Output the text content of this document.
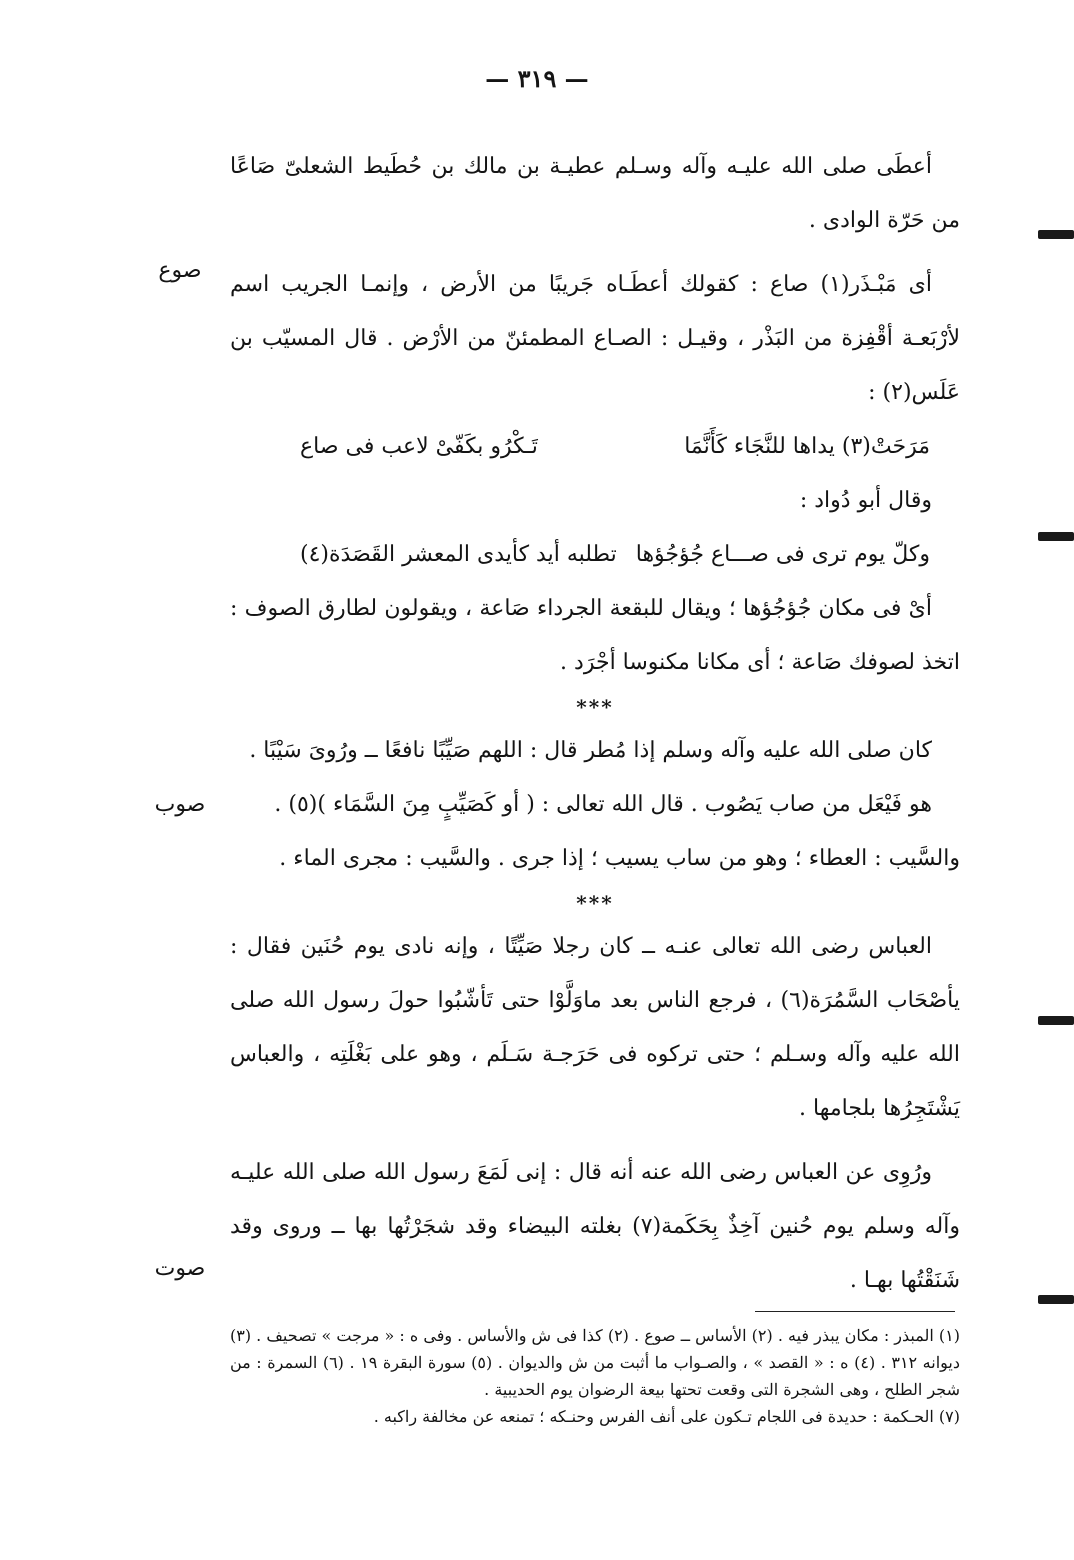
— ٣١٩ —

أعطَى صلى الله عليـه وآله وسـلم عطيـة بن مالك بن حُطَيط الشعلىّ صَاعًا من حَرّة الوادى .

أى مَبْـذَر(١) صاع : كقولك أعطَـاه جَريبًا من الأرض ، وإنمـا الجريب اسم لأرْبَعـة أقْفِزة من البَذْر ، وقيـل : الصـاع المطمئنّ من الأرْض . قال المسيّب بن عَلَس(٢) :

مَرَحَتْ(٣) يداها للنَّجَاء كَأَنَّمَا
تَـكْرُو بكَفّىْ لاعب فى صاع

وقال أبو دُواد :

وكلّ يوم ترى فى صـــاع جُؤجُؤها
تطلبه أيد كأيدى المعشر القَصَدَة(٤)

أىْ فى مكان جُؤجُؤها ؛ ويقال للبقعة الجرداء صَاعة ، ويقولون لطارق الصوف : اتخذ لصوفك صَاعة ؛ أى مكانا مكنوسا أجْرَد .

***

كان صلى الله عليه وآله وسلم إذا مُطر قال : اللهم صَيِّبًا نافعًا ــ ورُوىَ سَيْبًا .

هو فَيْعَل من صاب يَصُوب . قال الله تعالى : ( أو كَصَيِّبٍ مِنَ السَّمَاء )(٥) .

والسَّيب : العطاء ؛ وهو من ساب يسيب ؛ إذا جرى . والسَّيب : مجرى الماء .

***

العباس رضى الله تعالى عنـه ــ كان رجلا صَيِّتًا ، وإنه نادى يوم حُنَين فقال : يأصْحَاب السَّمُرَة(٦) ، فرجع الناس بعد ماوَلَّوْا حتى تَأشّبُوا حولَ رسول الله صلى الله عليه وآله وسـلم ؛ حتى تركوه فى حَرَجـة سَـلَم ، وهو على بَغْلَتِه ، والعباس يَشْتَجِرُها بلجامها .

ورُوِى عن العباس رضى الله عنه أنه قال : إنى لَمَعَ رسول الله صلى الله عليـه وآله وسلم يوم حُنين آخِذٌ بِحَكَمة(٧) بغلته البيضاء وقد شجَرْتُها بها ــ وروى وقد شَنَقْتُها بهـا .

صوع
صوب
صوت

(١) المبذر : مكان يبذر فيه . (٢) الأساس ــ صوع . (٢) كذا فى ش والأساس . وفى ه : « مرجت » تصحيف . (٣) ديوانه ٣١٢ . (٤) ه : « القصد » ، والصـواب ما أثبت من ش والديوان . (٥) سورة البقرة ١٩ . (٦) السمرة : من شجر الطلح ، وهى الشجرة التى وقعت تحتها بيعة الرضوان يوم الحديبية .

(٧) الحـكمة : حديدة فى اللجام تـكون على أنف الفرس وحنـكه ؛ تمنعه عن مخالفة راكبه .
